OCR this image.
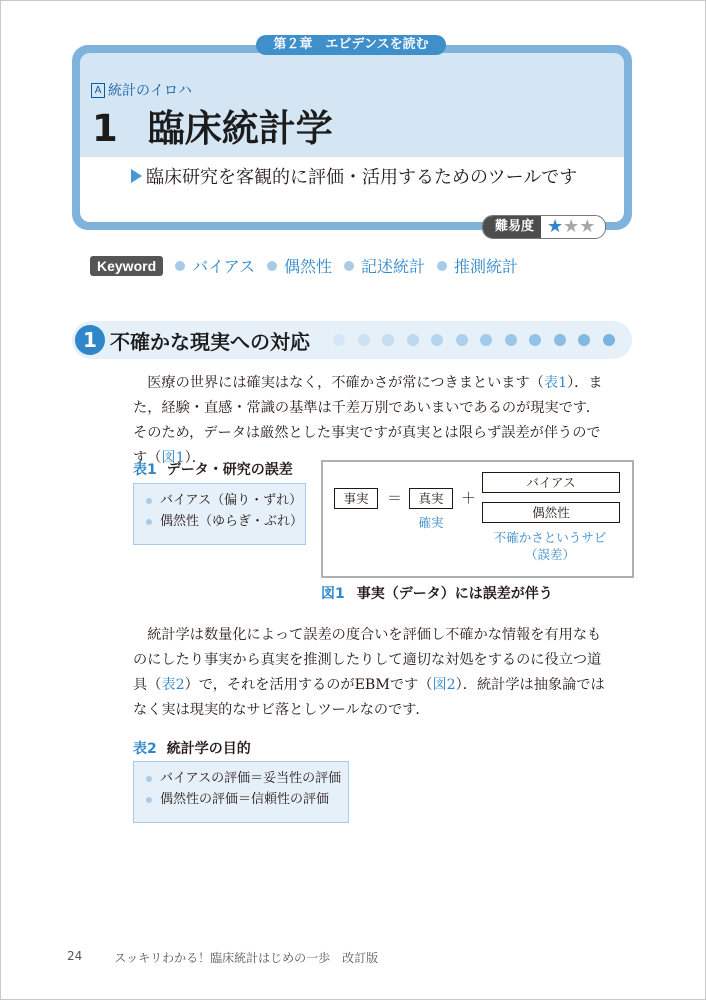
第２章　エビデンスを読む
A 統計のイロハ
1 臨床統計学
臨床研究を客観的に評価・活用するためのツールです
難易度 ★★★
Keyword	バイアス 偶然性 記述統計 推測統計
1 不確かな現実への対応

医療の世界には確実はなく，不確かさが常につきまといます（表1）．また，経験・直感・常識の基準は千差万別であいまいであるのが現実です．そのため，データは厳然とした事実ですが真実とは限らず誤差が伴うのです（図1）．

表1 データ・研究の誤差
バイアス（偏り・ずれ）
偶然性（ゆらぎ・ぶれ）
事実	＝	真実	＋
バイアス
偶然性
確実
不確かさというサビ
（誤差）
図1 事実（データ）には誤差が伴う

統計学は数量化によって誤差の度合いを評価し不確かな情報を有用なものにしたり事実から真実を推測したりして適切な対処をするのに役立つ道具（表2）で，それを活用するのがEBMです（図2）．統計学は抽象論ではなく実は現実的なサビ落としツールなのです．

表2 統計学の目的
バイアスの評価＝妥当性の評価
偶然性の評価＝信頼性の評価
24	スッキリわかる！臨床統計はじめの一歩　改訂版
